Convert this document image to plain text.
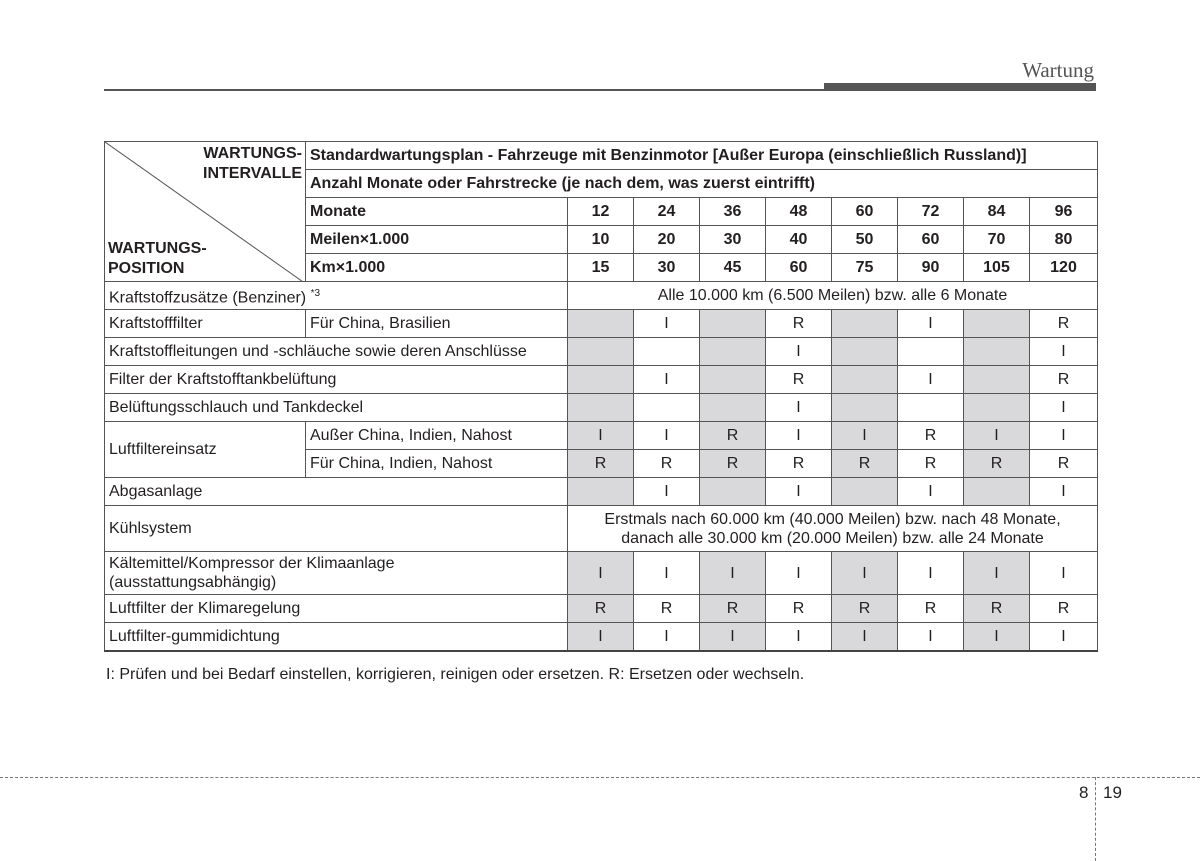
Wartung
WARTUNGS-
INTERVALLE
WARTUNGS-
POSITION	Standardwartungsplan - Fahrzeuge mit Benzinmotor [Außer Europa (einschließlich Russland)]								
	Anzahl Monate oder Fahrstrecke (je nach dem, was zuerst eintrifft)								
	Monate	12	24	36	48	60	72	84	96
	Meilen×1.000	10	20	30	40	50	60	70	80
	Km×1.000	15	30	45	60	75	90	105	120
Kraftstoffzusätze (Benziner) $^{*3}$		Alle 10.000 km (6.500 Meilen) bzw. alle 6 Monate							
Kraftstofffilter	Für China, Brasilien		I		R		I		R
Kraftstoffleitungen und -schläuche sowie deren Anschlüsse					I				I
Filter der Kraftstofftankbelüftung			I		R		I		R
Belüftungsschlauch und Tankdeckel					I				I
Luftfiltereinsatz	Außer China, Indien, Nahost	I	I	R	I	I	R	I	I
	Für China, Indien, Nahost	R	R	R	R	R	R	R	R
Abgasanlage			I		I		I		I
Kühlsystem		Erstmals nach 60.000 km (40.000 Meilen) bzw. nach 48 Monate,
danach alle 30.000 km (20.000 Meilen) bzw. alle 24 Monate							
Kältemittel/Kompressor der Klimaanlage
(ausstattungsabhängig)		I	I	I	I	I	I	I	I
Luftfilter der Klimaregelung		R	R	R	R	R	R	R	R
Luftfilter-gummidichtung		I	I	I	I	I	I	I	I
I: Prüfen und bei Bedarf einstellen, korrigieren, reinigen oder ersetzen. R: Ersetzen oder wechseln.
8 19
